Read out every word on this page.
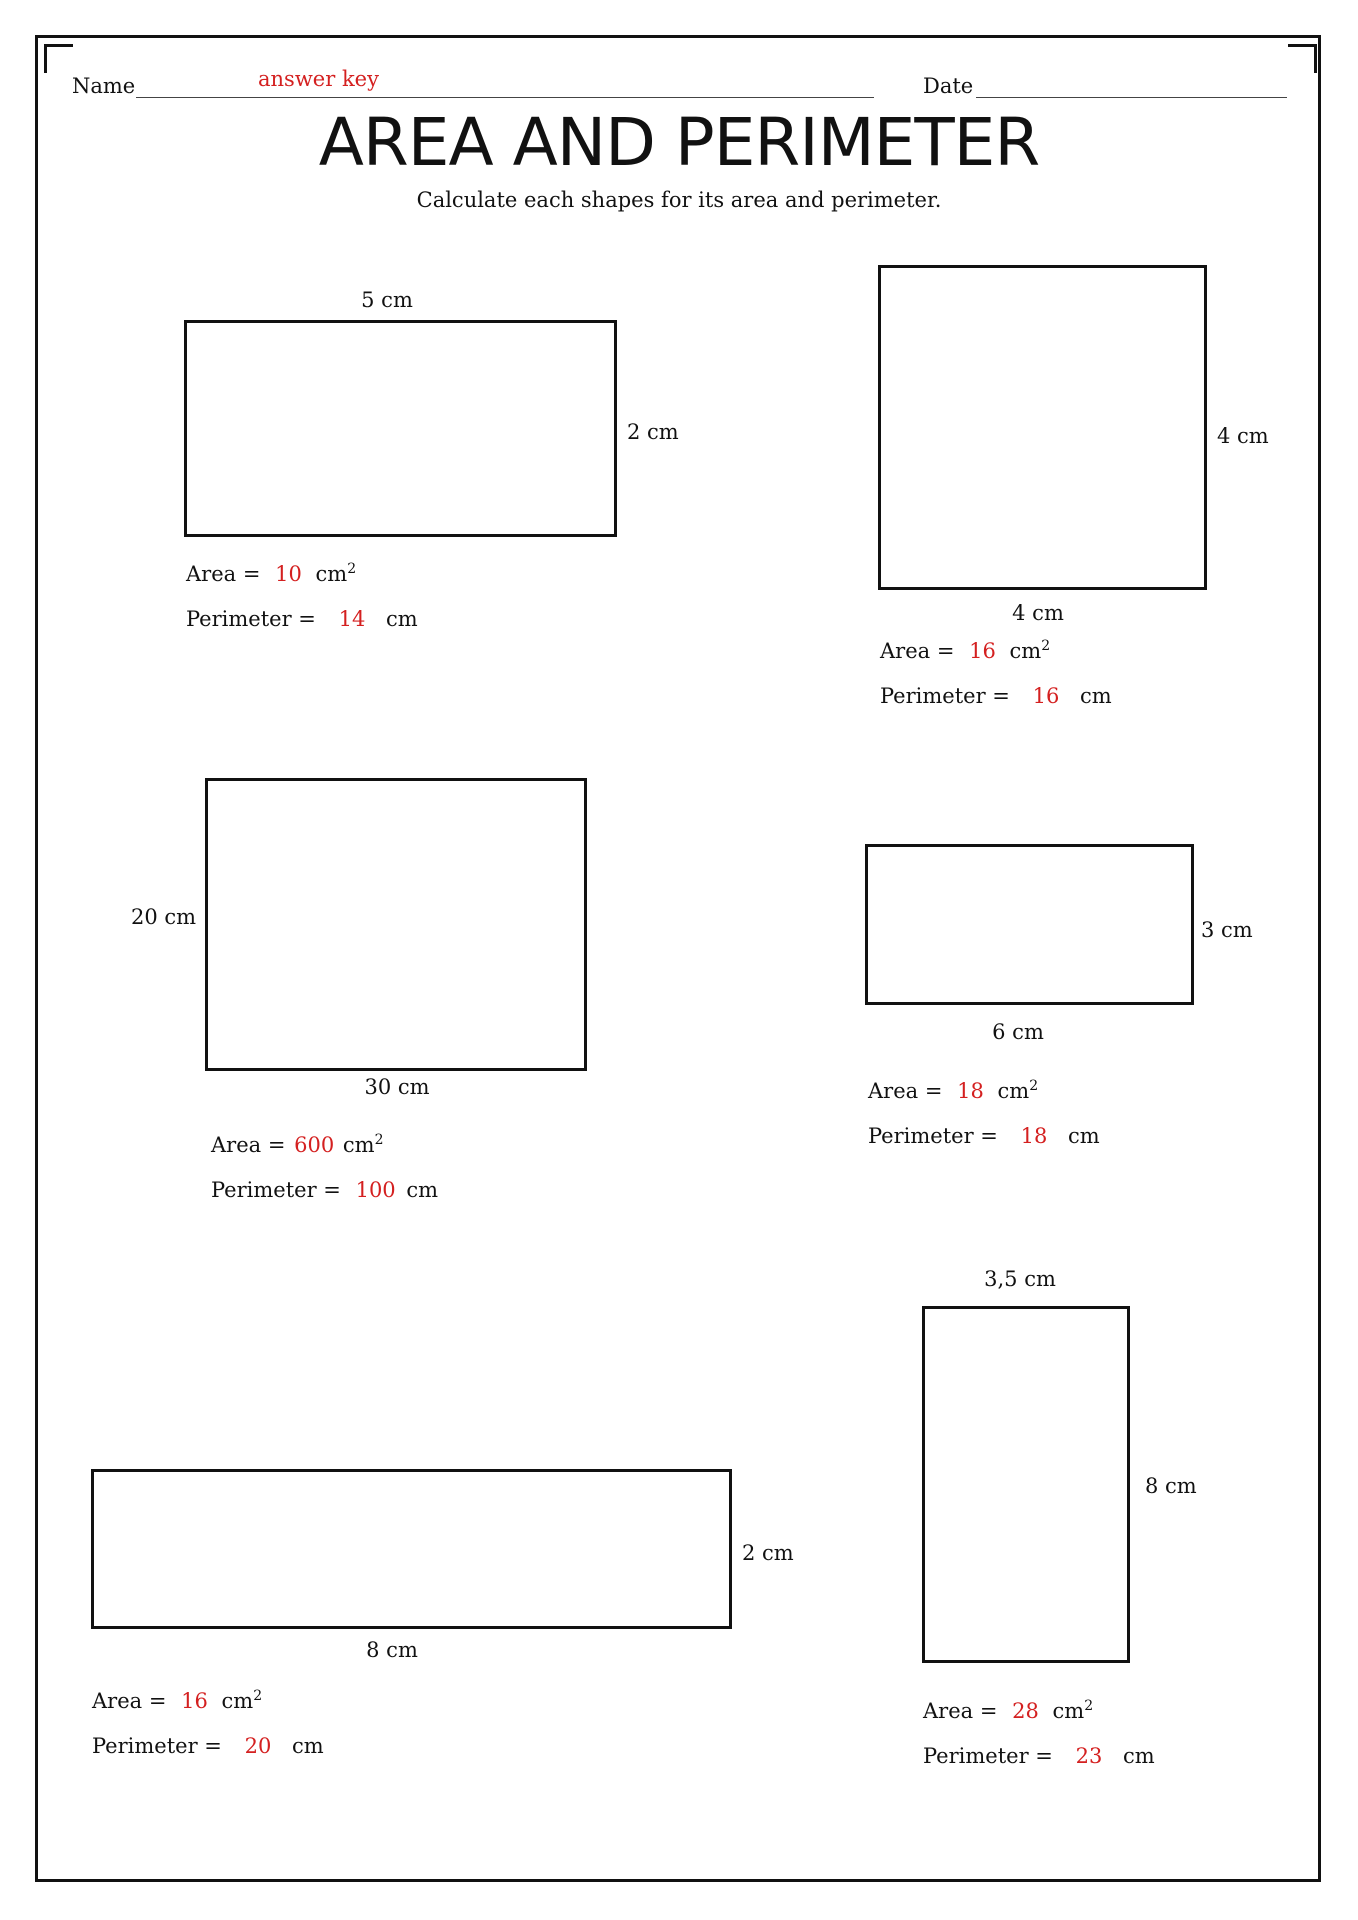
Name	answer key	Date
AREA AND PERIMETER
Calculate each shapes for its area and perimeter.
5 cm
2 cm
Area = 10 $cm^2$
Perimeter = 14 cm
4 cm
4 cm
Area = 16 $cm^2$
Perimeter = 16 cm
20 cm
30 cm
Area = 600 $cm^2$
Perimeter = 100 cm
3 cm
6 cm
Area = 18 $cm^2$
Perimeter = 18 cm
2 cm
8 cm
Area = 16 $cm^2$
Perimeter = 20 cm
3,5 cm
8 cm
Area = 28 $cm^2$
Perimeter = 23 cm
